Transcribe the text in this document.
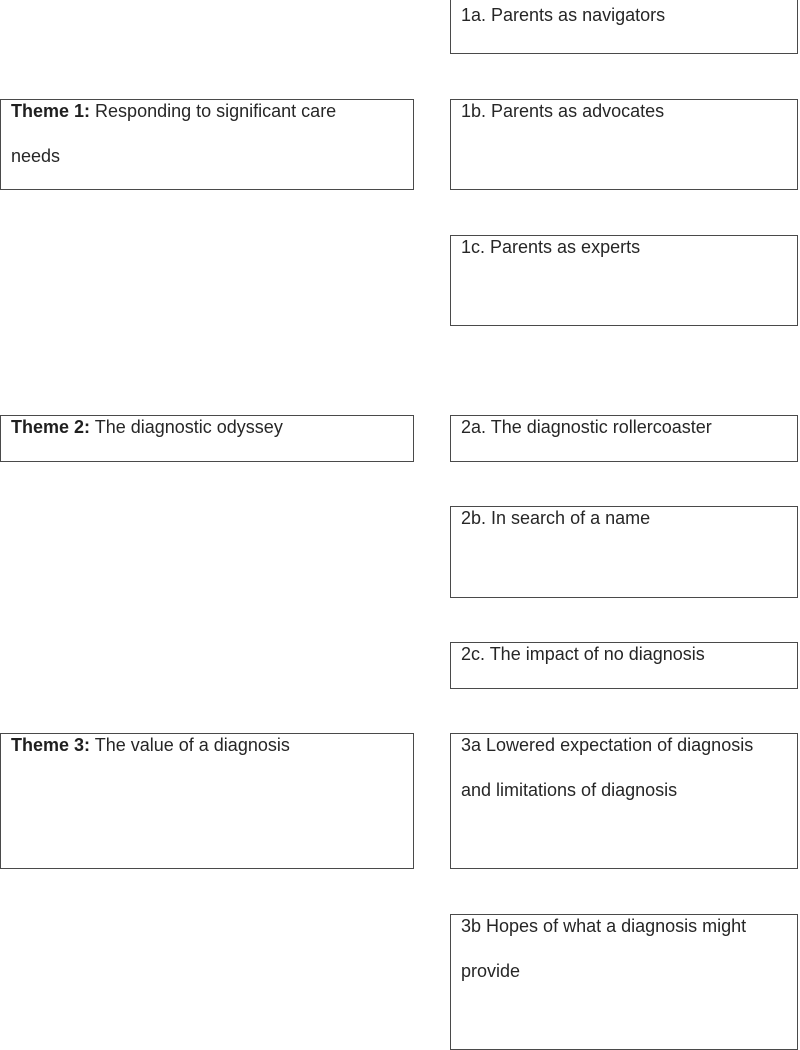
Theme 1: Responding to significant care
needs
Theme 2: The diagnostic odyssey
Theme 3: The value of a diagnosis
1a. Parents as navigators
1b. Parents as advocates
1c. Parents as experts
2a. The diagnostic rollercoaster
2b. In search of a name
2c. The impact of no diagnosis
3a Lowered expectation of diagnosis
and limitations of diagnosis
3b Hopes of what a diagnosis might
provide
